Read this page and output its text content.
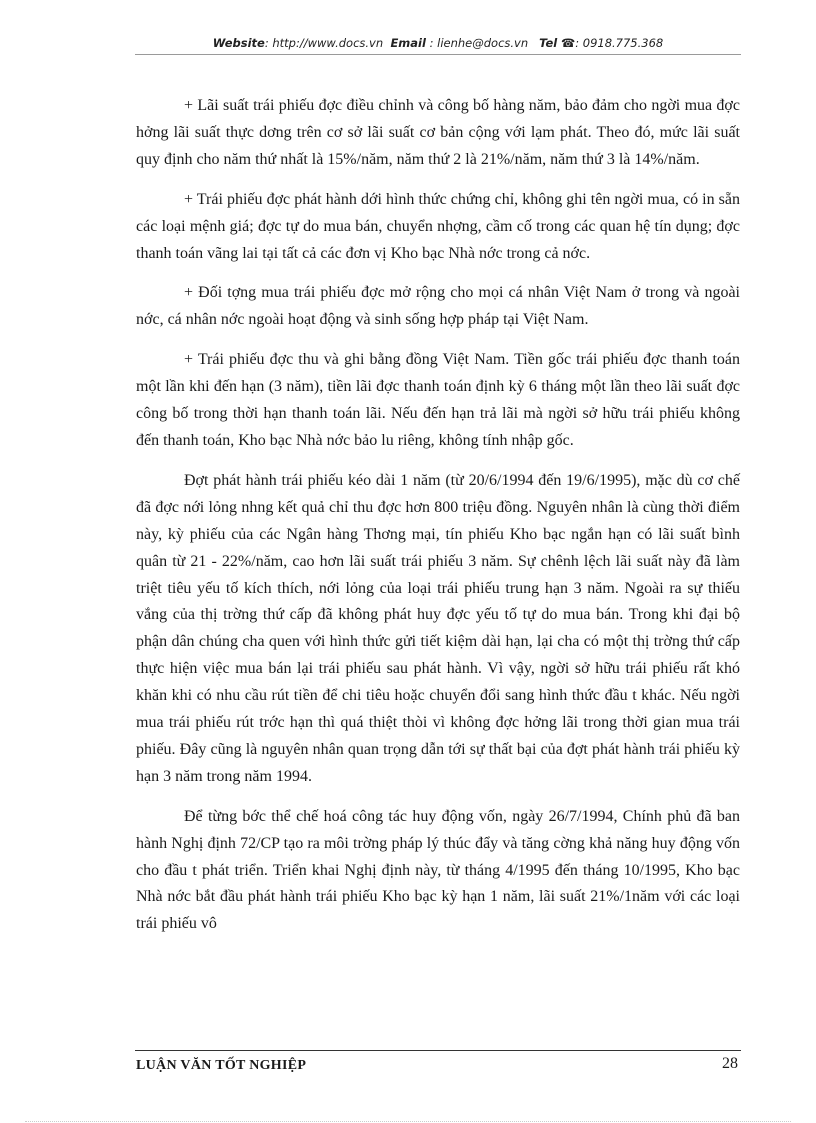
Website: http://www.docs.vn Email : lienhe@docs.vn Tel ☎: 0918.775.368

+ Lãi suất trái phiếu đợc điều chỉnh và công bố hàng năm, bảo đảm cho ngời mua đợc hởng lãi suất thực dơng trên cơ sở lãi suất cơ bản cộng với lạm phát. Theo đó, mức lãi suất quy định cho năm thứ nhất là 15%/năm, năm thứ 2 là 21%/năm, năm thứ 3 là 14%/năm.

+ Trái phiếu đợc phát hành dới hình thức chứng chỉ, không ghi tên ngời mua, có in sẵn các loại mệnh giá; đợc tự do mua bán, chuyển nhợng, cầm cố trong các quan hệ tín dụng; đợc thanh toán vãng lai tại tất cả các đơn vị Kho bạc Nhà nớc trong cả nớc.

+ Đối tợng mua trái phiếu đợc mở rộng cho mọi cá nhân Việt Nam ở trong và ngoài nớc, cá nhân nớc ngoài hoạt động và sinh sống hợp pháp tại Việt Nam.

+ Trái phiếu đợc thu và ghi bằng đồng Việt Nam. Tiền gốc trái phiếu đợc thanh toán một lần khi đến hạn (3 năm), tiền lãi đợc thanh toán định kỳ 6 tháng một lần theo lãi suất đợc công bố trong thời hạn thanh toán lãi. Nếu đến hạn trả lãi mà ngời sở hữu trái phiếu không đến thanh toán, Kho bạc Nhà nớc bảo lu riêng, không tính nhập gốc.

Đợt phát hành trái phiếu kéo dài 1 năm (từ 20/6/1994 đến 19/6/1995), mặc dù cơ chế đã đợc nới lỏng nhng kết quả chỉ thu đợc hơn 800 triệu đồng. Nguyên nhân là cùng thời điểm này, kỳ phiếu của các Ngân hàng Thơng mại, tín phiếu Kho bạc ngắn hạn có lãi suất bình quân từ 21 - 22%/năm, cao hơn lãi suất trái phiếu 3 năm. Sự chênh lệch lãi suất này đã làm triệt tiêu yếu tố kích thích, nới lỏng của loại trái phiếu trung hạn 3 năm. Ngoài ra sự thiếu vắng của thị trờng thứ cấp đã không phát huy đợc yếu tố tự do mua bán. Trong khi đại bộ phận dân chúng cha quen với hình thức gửi tiết kiệm dài hạn, lại cha có một thị trờng thứ cấp thực hiện việc mua bán lại trái phiếu sau phát hành. Vì vậy, ngời sở hữu trái phiếu rất khó khăn khi có nhu cầu rút tiền để chi tiêu hoặc chuyển đổi sang hình thức đầu t khác. Nếu ngời mua trái phiếu rút trớc hạn thì quá thiệt thòi vì không đợc hởng lãi trong thời gian mua trái phiếu. Đây cũng là nguyên nhân quan trọng dẫn tới sự thất bại của đợt phát hành trái phiếu kỳ hạn 3 năm trong năm 1994.

Để từng bớc thể chế hoá công tác huy động vốn, ngày 26/7/1994, Chính phủ đã ban hành Nghị định 72/CP tạo ra môi trờng pháp lý thúc đẩy và tăng cờng khả năng huy động vốn cho đầu t phát triển. Triển khai Nghị định này, từ tháng 4/1995 đến tháng 10/1995, Kho bạc Nhà nớc bắt đầu phát hành trái phiếu Kho bạc kỳ hạn 1 năm, lãi suất 21%/1năm với các loại trái phiếu vô

LUẬN VĂN TỐT NGHIỆP	28
